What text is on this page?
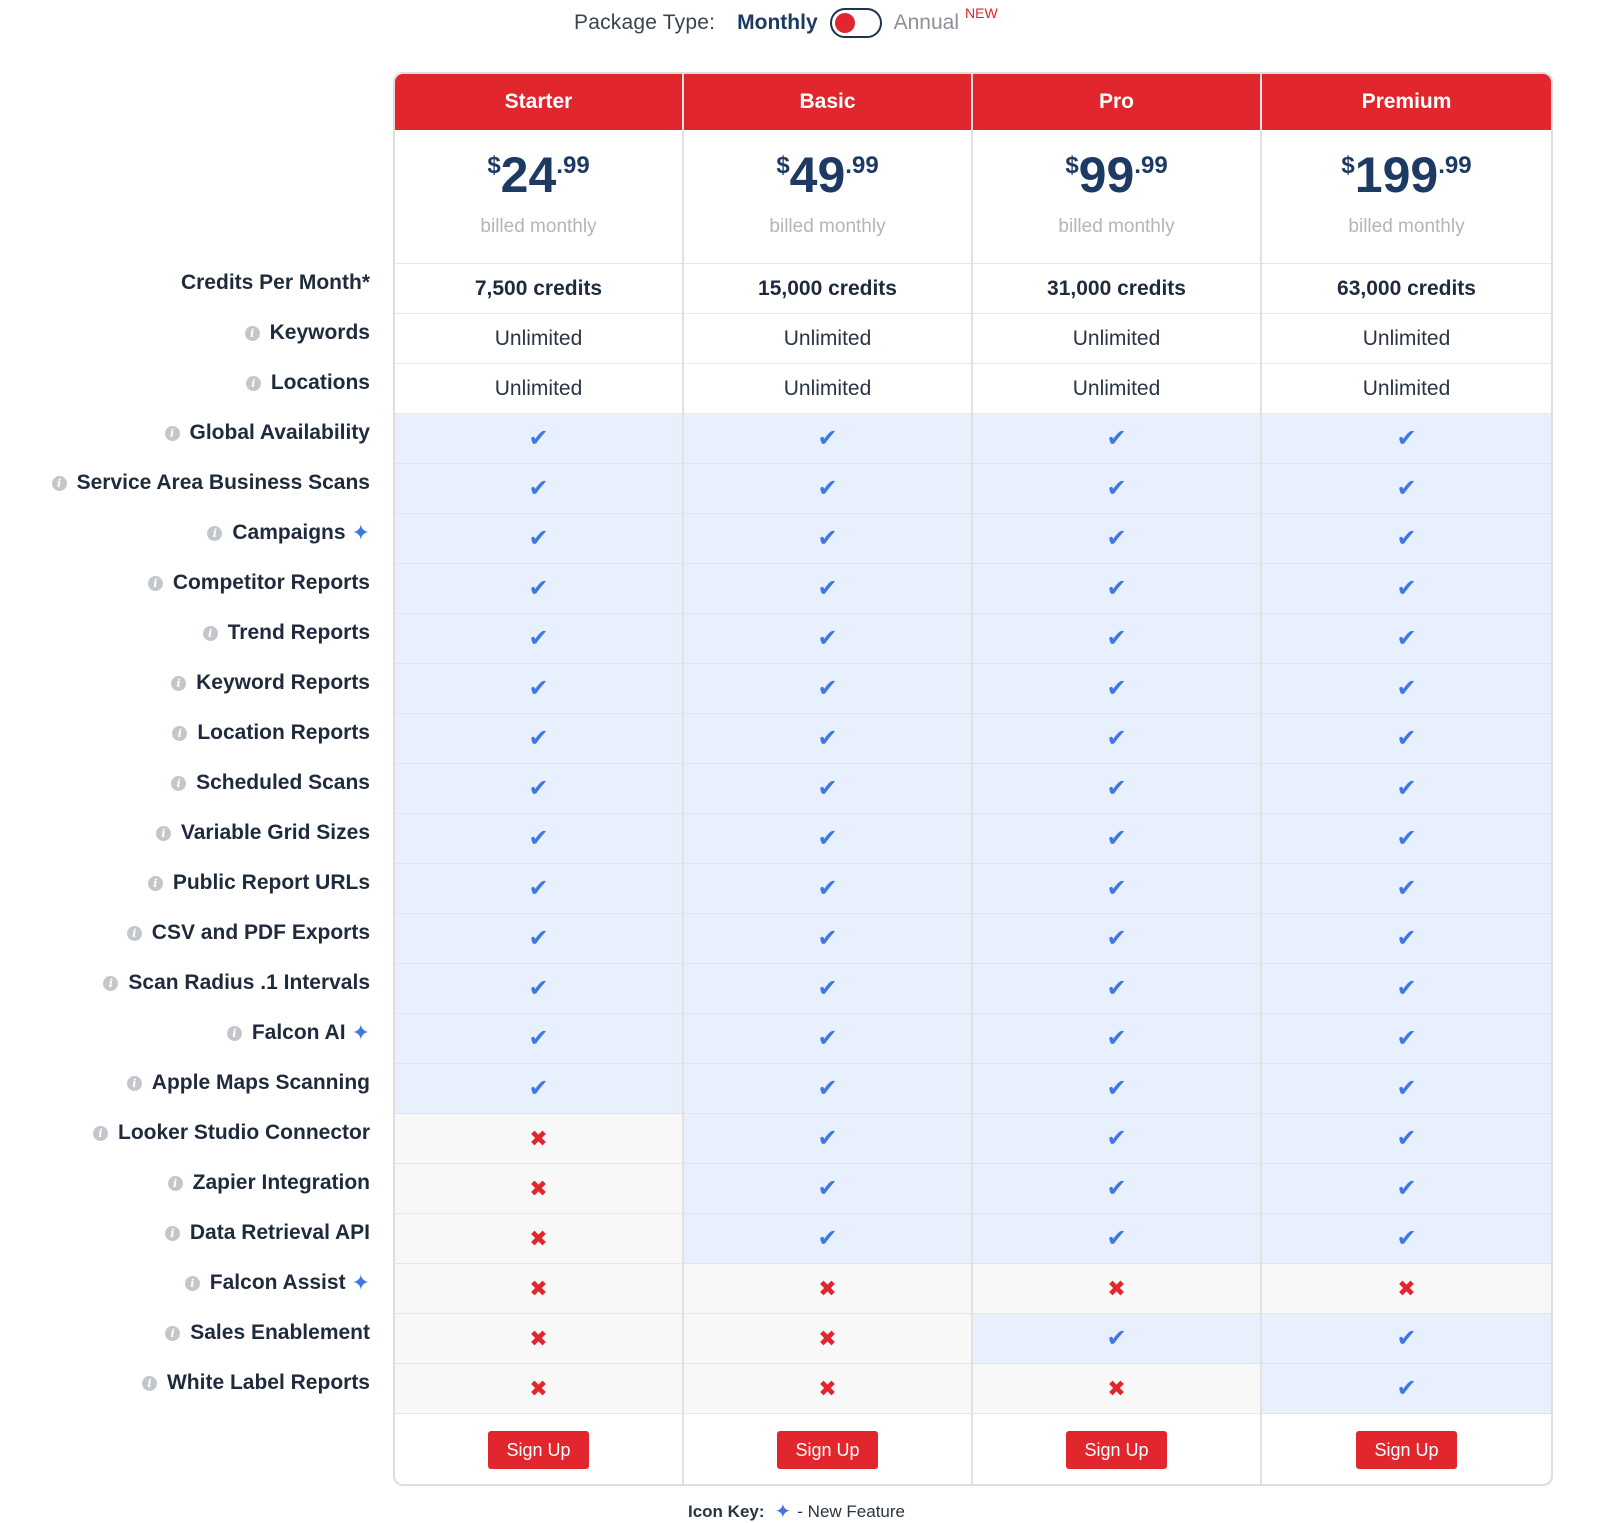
Package Type: Monthly	Annual NEW
Credits Per Month*
i Keywords
i Locations
i Global Availability
i Service Area Business Scans
i Campaigns ✦
i Competitor Reports
i Trend Reports
i Keyword Reports
i Location Reports
i Scheduled Scans
i Variable Grid Sizes
i Public Report URLs
i CSV and PDF Exports
i Scan Radius .1 Intervals
i Falcon AI ✦
i Apple Maps Scanning
i Looker Studio Connector
i Zapier Integration
i Data Retrieval API
i Falcon Assist ✦
i Sales Enablement
i White Label Reports
Starter
$24.99
billed monthly
7,500 credits
Unlimited
Unlimited
✔
✔
✔
✔
✔
✔
✔
✔
✔
✔
✔
✔
✔
✔
✖
✖
✖
✖
✖
✖
Sign Up
Basic
$49.99
billed monthly
15,000 credits
Unlimited
Unlimited
✔
✔
✔
✔
✔
✔
✔
✔
✔
✔
✔
✔
✔
✔
✔
✔
✔
✖
✖
✖
Sign Up
Pro
$99.99
billed monthly
31,000 credits
Unlimited
Unlimited
✔
✔
✔
✔
✔
✔
✔
✔
✔
✔
✔
✔
✔
✔
✔
✔
✔
✖
✔
✖
Sign Up
Premium
$199.99
billed monthly
63,000 credits
Unlimited
Unlimited
✔
✔
✔
✔
✔
✔
✔
✔
✔
✔
✔
✔
✔
✔
✔
✔
✔
✖
✔
✔
Sign Up
Icon Key: ✦ - New Feature
